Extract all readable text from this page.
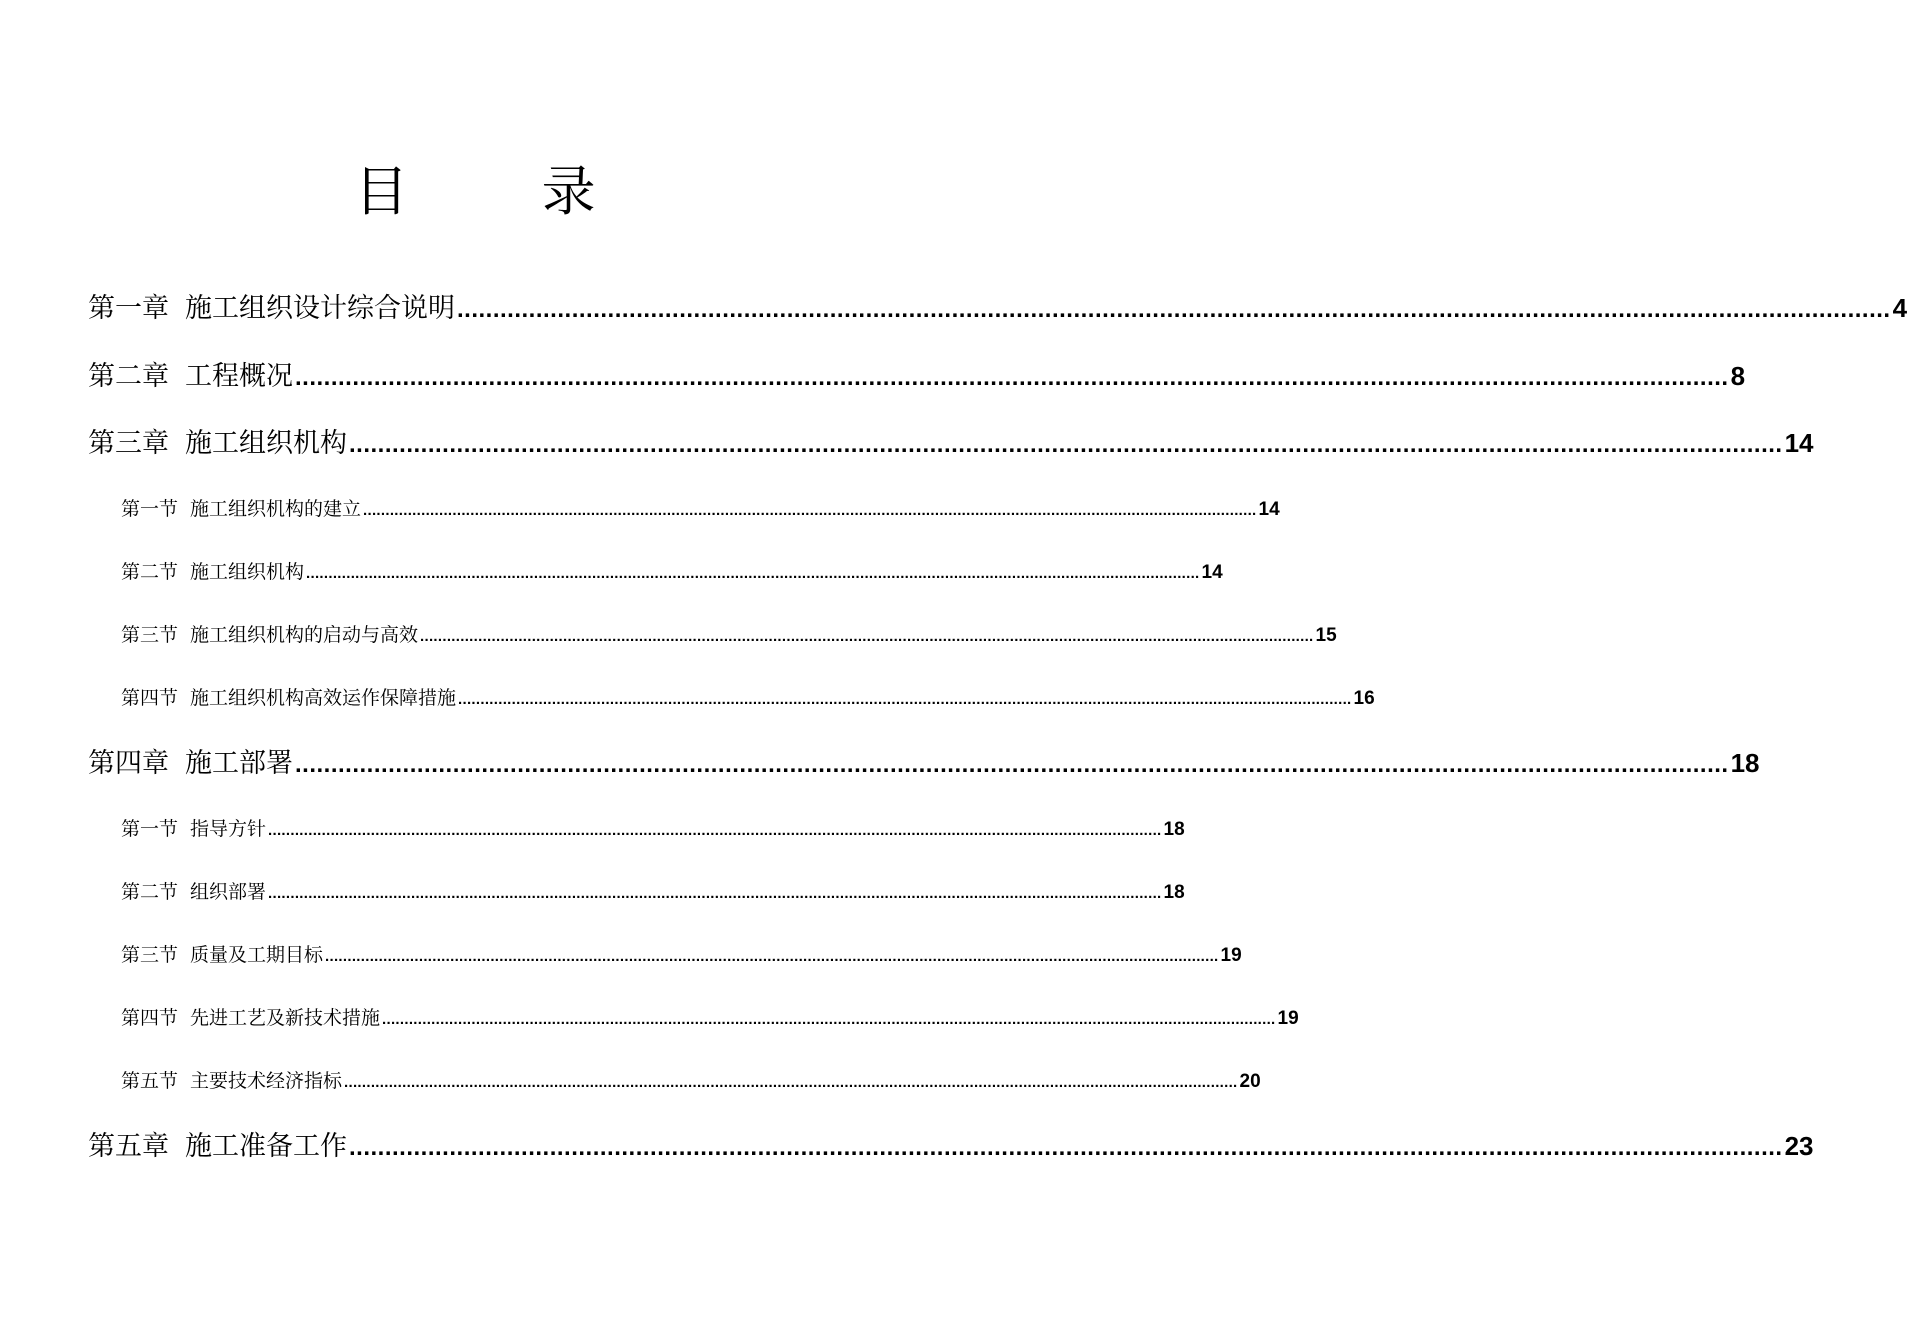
目 录
第一章 施工组织设计综合说明 ........................................................................................................................................................................................................ 4
第二章 工程概况 ........................................................................................................................................................................................................ 8
第三章 施工组织机构 ........................................................................................................................................................................................................ 14
第一节 施工组织机构的建立 ........................................................................................................................................................................................................ 14
第二节 施工组织机构 ........................................................................................................................................................................................................ 14
第三节 施工组织机构的启动与高效 ........................................................................................................................................................................................................ 15
第四节 施工组织机构高效运作保障措施 ........................................................................................................................................................................................................ 16
第四章 施工部署 ........................................................................................................................................................................................................ 18
第一节 指导方针 ........................................................................................................................................................................................................ 18
第二节 组织部署 ........................................................................................................................................................................................................ 18
第三节 质量及工期目标 ........................................................................................................................................................................................................ 19
第四节 先进工艺及新技术措施 ........................................................................................................................................................................................................ 19
第五节 主要技术经济指标 ........................................................................................................................................................................................................ 20
第五章 施工准备工作 ........................................................................................................................................................................................................ 23
